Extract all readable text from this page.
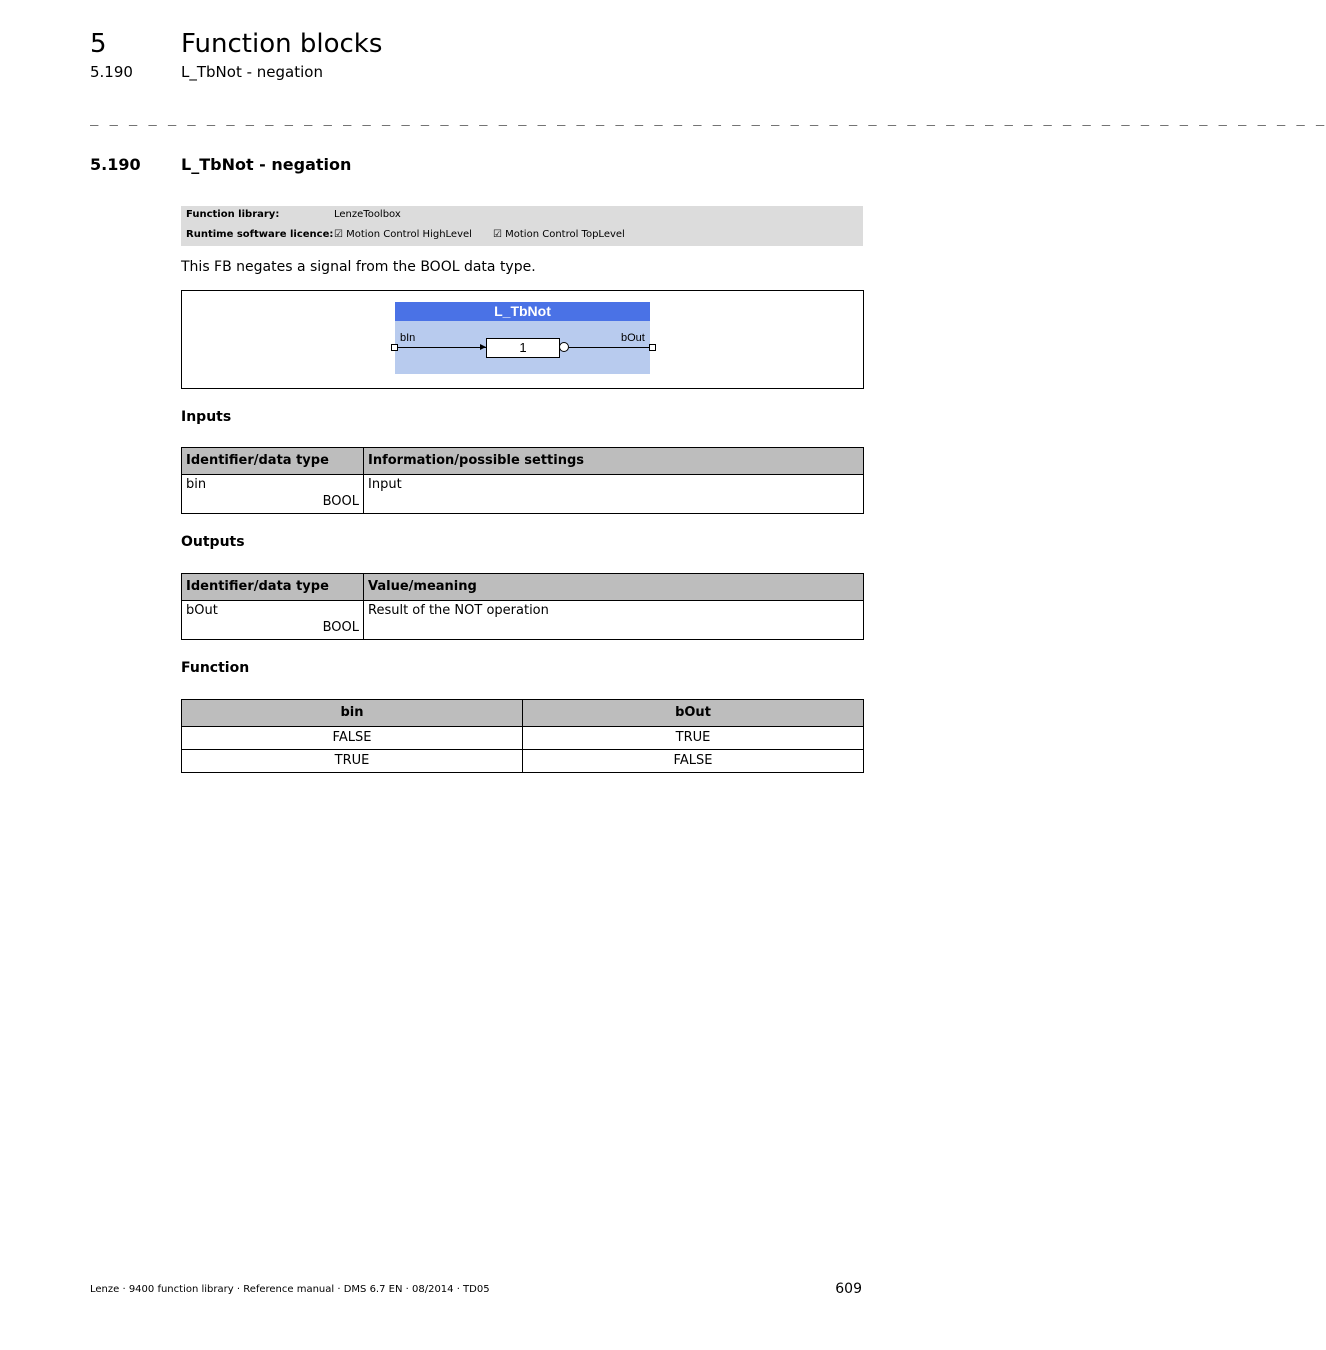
5	Function blocks
5.190	L_TbNot - negation
_ _ _ _ _ _ _ _ _ _ _ _ _ _ _ _ _ _ _ _ _ _ _ _ _ _ _ _ _ _ _ _ _ _ _ _ _ _ _ _ _ _ _ _ _ _ _ _ _ _ _ _ _ _ _ _ _ _ _ _ _ _ _ _
5.190	L_TbNot - negation
Function library:	LenzeToolbox
Runtime software licence: ☑ Motion Control HighLevel ☑ Motion Control TopLevel
This FB negates a signal from the BOOL data type.
L_TbNot
bIn	bOut
1
Inputs
Identifier/data type	Information/possible settings

bin
BOOL	Input
Outputs
Identifier/data type	Value/meaning

bOut
BOOL	Result of the NOT operation
Function
bin	bOut
FALSE	TRUE
TRUE	FALSE
Lenze · 9400 function library · Reference manual · DMS 6.7 EN · 08/2014 · TD05	609
